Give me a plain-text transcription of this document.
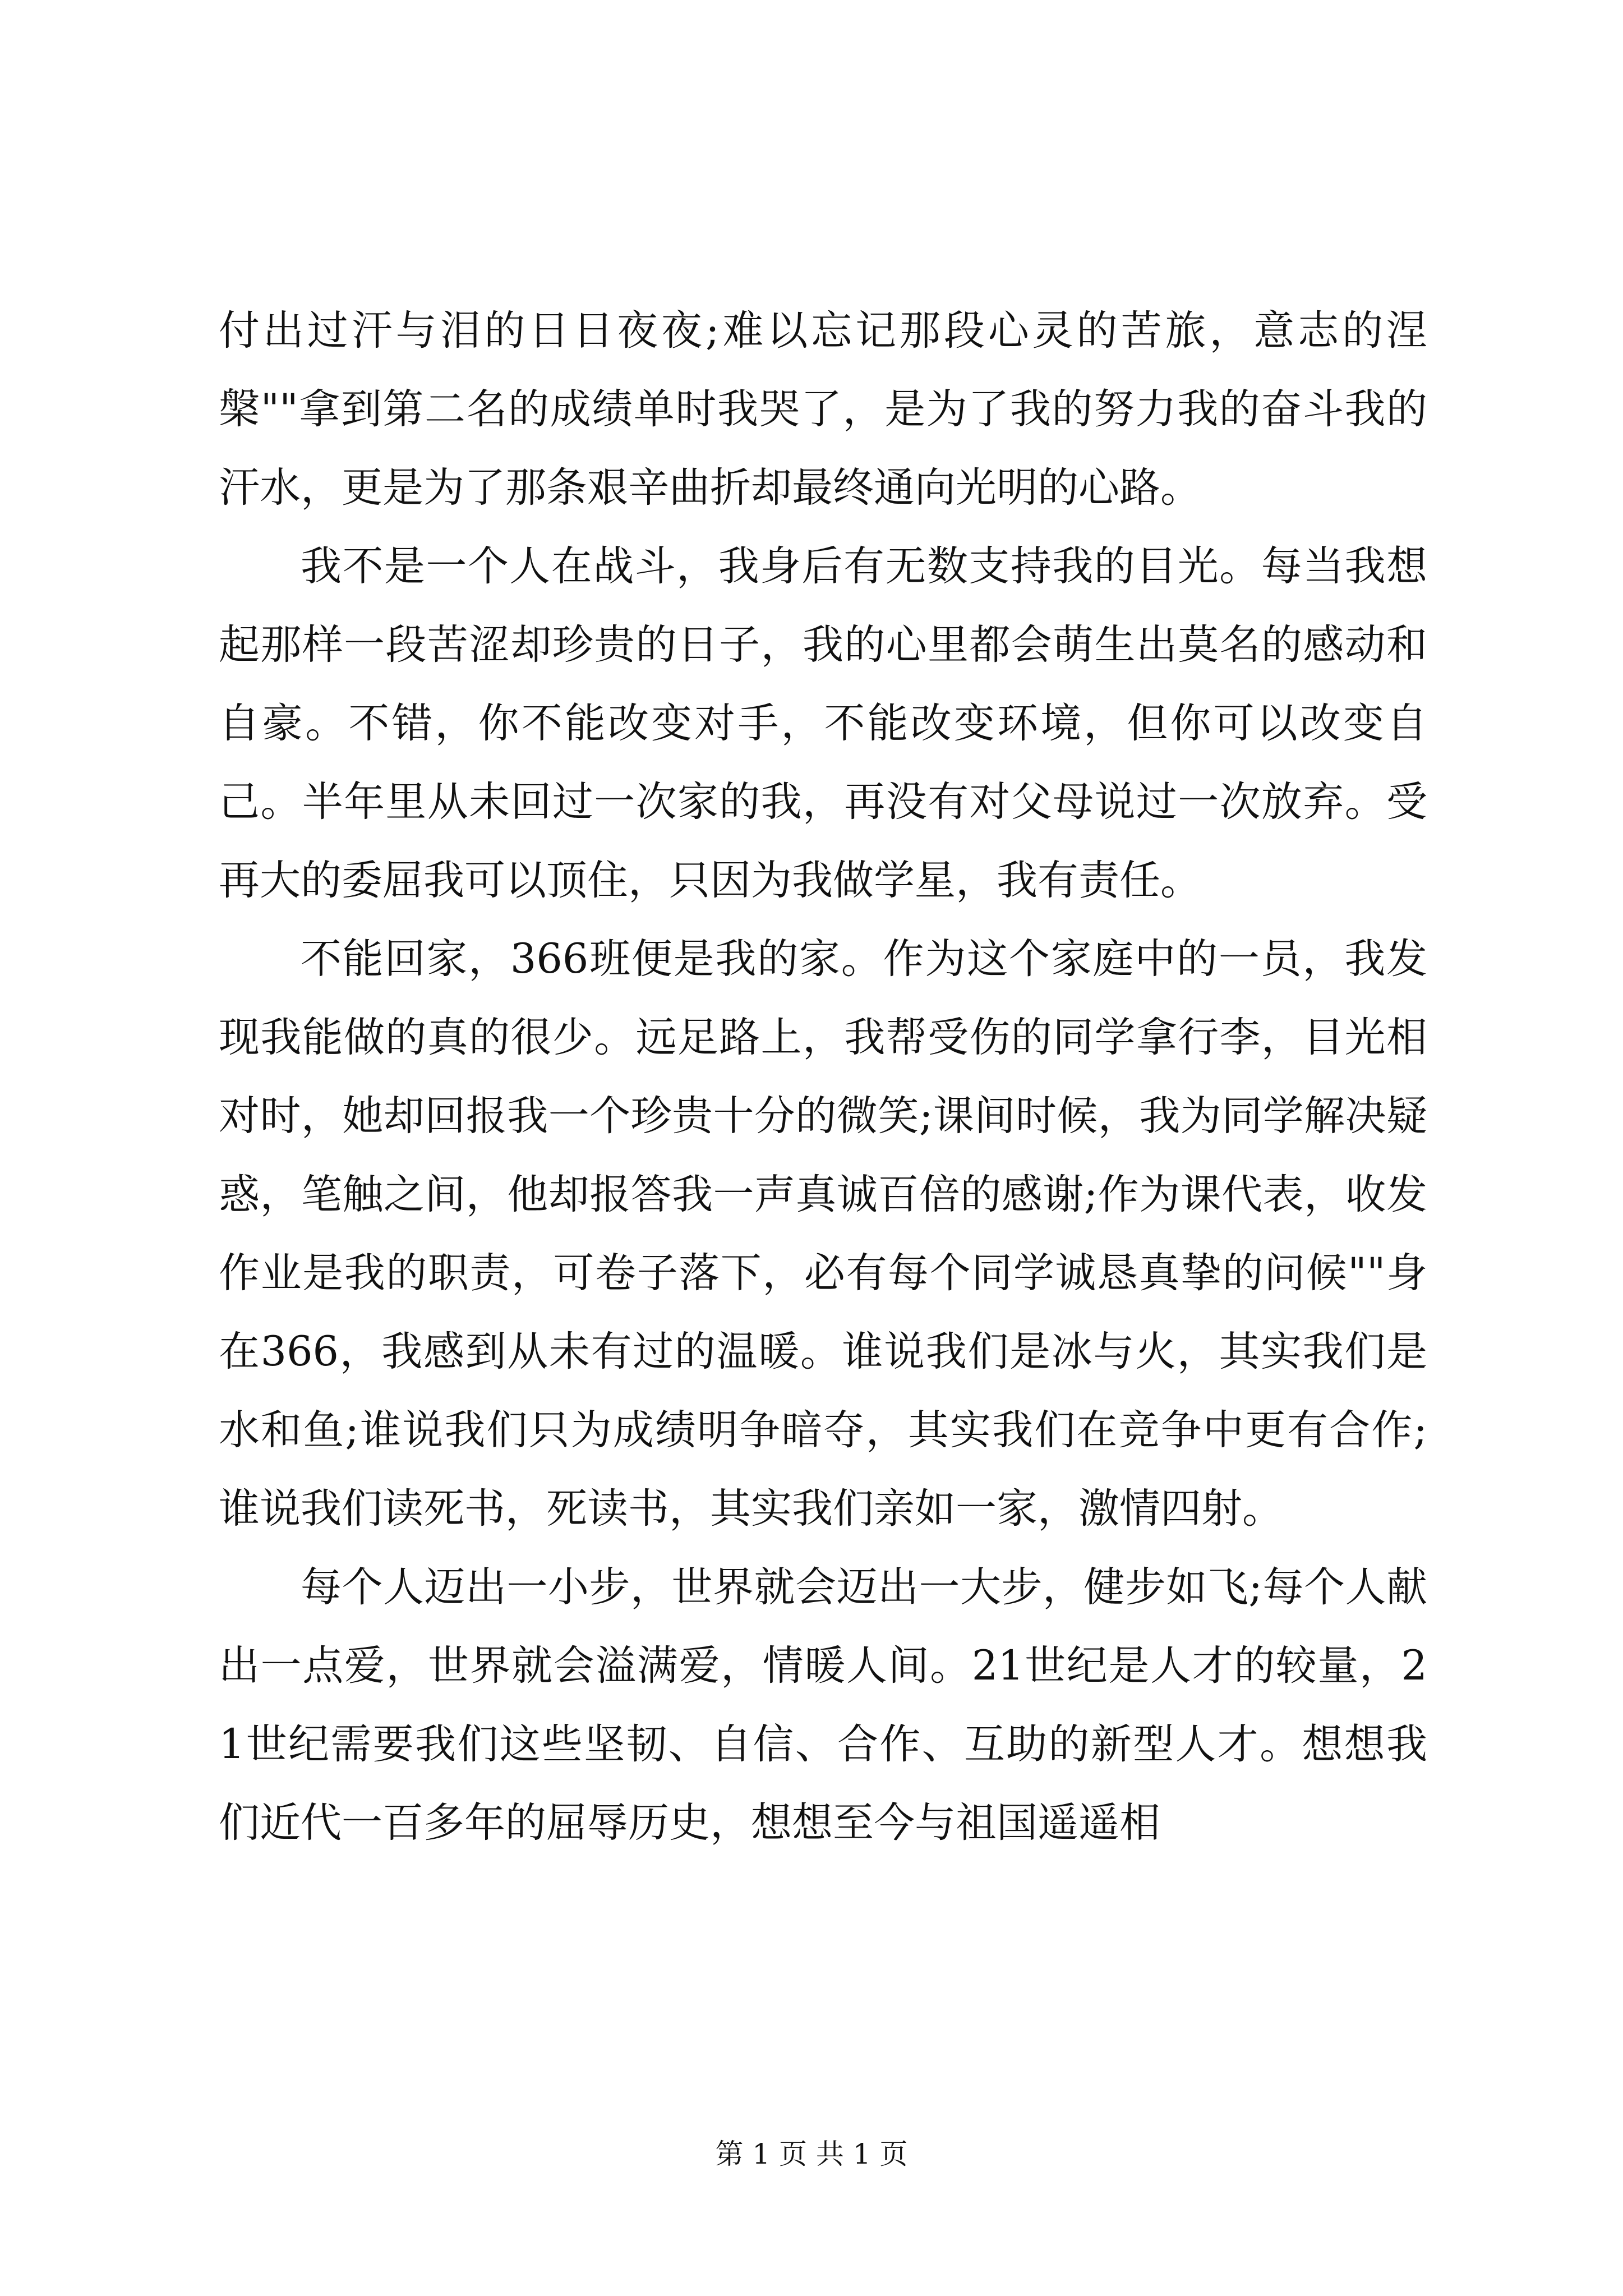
付出过汗与泪的日日夜夜;难以忘记那段心灵的苦旅，意志的涅槃""拿到第二名的成绩单时我哭了，是为了我的努力我的奋斗我的汗水，更是为了那条艰辛曲折却最终通向光明的心路。

我不是一个人在战斗，我身后有无数支持我的目光。每当我想起那样一段苦涩却珍贵的日子，我的心里都会萌生出莫名的感动和自豪。不错，你不能改变对手，不能改变环境，但你可以改变自己。半年里从未回过一次家的我，再没有对父母说过一次放弃。受再大的委屈我可以顶住，只因为我做学星，我有责任。

不能回家，366班便是我的家。作为这个家庭中的一员，我发现我能做的真的很少。远足路上，我帮受伤的同学拿行李，目光相对时，她却回报我一个珍贵十分的微笑;课间时候，我为同学解决疑惑，笔触之间，他却报答我一声真诚百倍的感谢;作为课代表，收发作业是我的职责，可卷子落下，必有每个同学诚恳真挚的问候""身在366，我感到从未有过的温暖。谁说我们是冰与火，其实我们是水和鱼;谁说我们只为成绩明争暗夺，其实我们在竞争中更有合作;谁说我们读死书，死读书，其实我们亲如一家，激情四射。

每个人迈出一小步，世界就会迈出一大步，健步如飞;每个人献出一点爱，世界就会溢满爱，情暖人间。21世纪是人才的较量，21世纪需要我们这些坚韧、自信、合作、互助的新型人才。想想我们近代一百多年的屈辱历史，想想至今与祖国遥遥相

第 1 页 共 1 页
